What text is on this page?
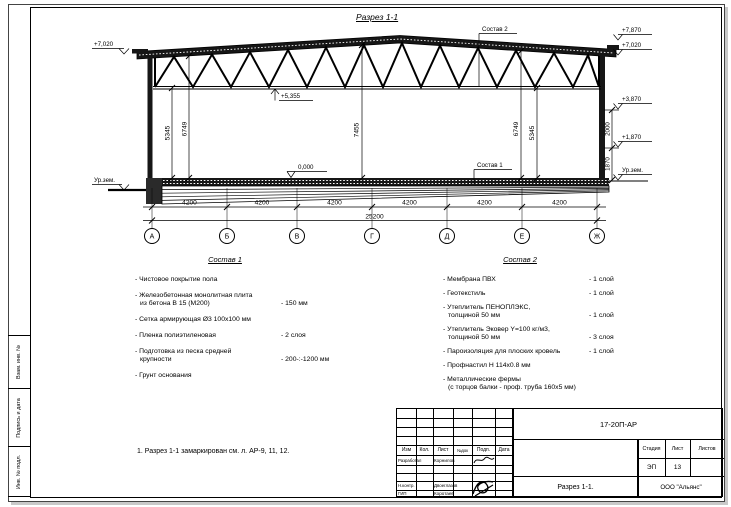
Взам. инв. №
Подпись и дата
Инв. № подл.
Разрез 1-1
5345 6749	7455	6749 5345	2000
1870
+7,020
Ур.зем.
+5,355
0,000
+7,870
+7,020
+3,870
+1,870
Ур.зем.
Состав 2
Состав 1
4200	4200	4200	4200	4200	4200
25200
А	Б	В	Г	Д	Е	Ж
Состав 1
- Чистовое покрытие пола
- Железобетонная монолитная плита
из бетона В 15 (М200)	- 150 мм
- Сетка армирующая Ø3 100х100 мм
- Пленка полиэтиленовая	- 2 слоя
- Подготовка из песка средней
крупности	- 200-:-1200 мм
- Грунт основания
Состав 2
- Мембрана ПВХ	- 1 слой
- Геотекстиль	- 1 слой
- Утеплитель ПЕНОПЛЭКС,
толщиной 50 мм	- 1 слой
- Утеплитель Эковер Y=100 кг/м3,
толщиной 50 мм	- 3 слоя
- Пароизоляция для плоских кровель	- 1 слой
- Профнастил Н 114х0.8 мм
- Металлические фермы
(с торцов балки - проф. труба 160х5 мм)
1. Разрез 1-1 замаркирован см. л. АР-9, 11, 12.	Изм	Кол.	Лист	№док	Подп.	Дата
Разработал	Корнилов
Н.контр.	Двоеглазов
ГИП	Коротаев
17-20П-АР
Стадия	Лист	Листов
ЭП	13
Разрез 1-1.	ООО "Альянс"
